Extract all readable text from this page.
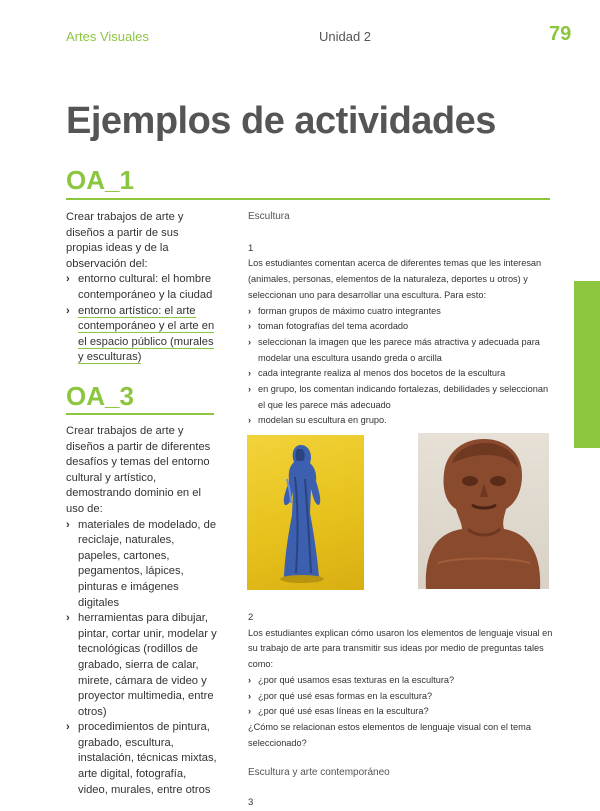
Artes Visuales	Unidad 2	79
Ejemplos de actividades
OA_1

Crear trabajos de arte y diseños a partir de sus propias ideas y de la observación del:

› entorno cultural: el hombre contemporáneo y la ciudad
› entorno artístico: el arte contemporáneo y el arte en el espacio público (murales y esculturas)
OA_3

Crear trabajos de arte y diseños a partir de diferentes desafíos y temas del entorno cultural y artístico, demostrando dominio en el uso de:

› materiales de modelado, de reciclaje, naturales, papeles, cartones, pegamentos, lápices, pinturas e imágenes digitales
› herramientas para dibujar, pintar, cortar unir, modelar y tecnológicas (rodillos de grabado, sierra de calar, mirete, cámara de video y proyector multimedia, entre otros)
› procedimientos de pintura, grabado, escultura, instalación, técnicas mixtas, arte digital, fotografía, video, murales, entre otros

Escultura

1

Los estudiantes comentan acerca de diferentes temas que les interesan (animales, personas, elementos de la naturaleza, deportes u otros) y seleccionan uno para desarrollar una escultura. Para esto:

› forman grupos de máximo cuatro integrantes
› toman fotografías del tema acordado
› seleccionan la imagen que les parece más atractiva y adecuada para modelar una escultura usando greda o arcilla
› cada integrante realiza al menos dos bocetos de la escultura
› en grupo, los comentan indicando fortalezas, debilidades y seleccionan el que les parece más adecuado
› modelan su escultura en grupo.

2

Los estudiantes explican cómo usaron los elementos de lenguaje visual en su trabajo de arte para transmitir sus ideas por medio de preguntas tales como:

› ¿por qué usamos esas texturas en la escultura?
› ¿por qué usé esas formas en la escultura?
› ¿por qué usé esas líneas en la escultura?

¿Cómo se relacionan estos elementos de lenguaje visual con el tema seleccionado?

Escultura y arte contemporáneo

3
